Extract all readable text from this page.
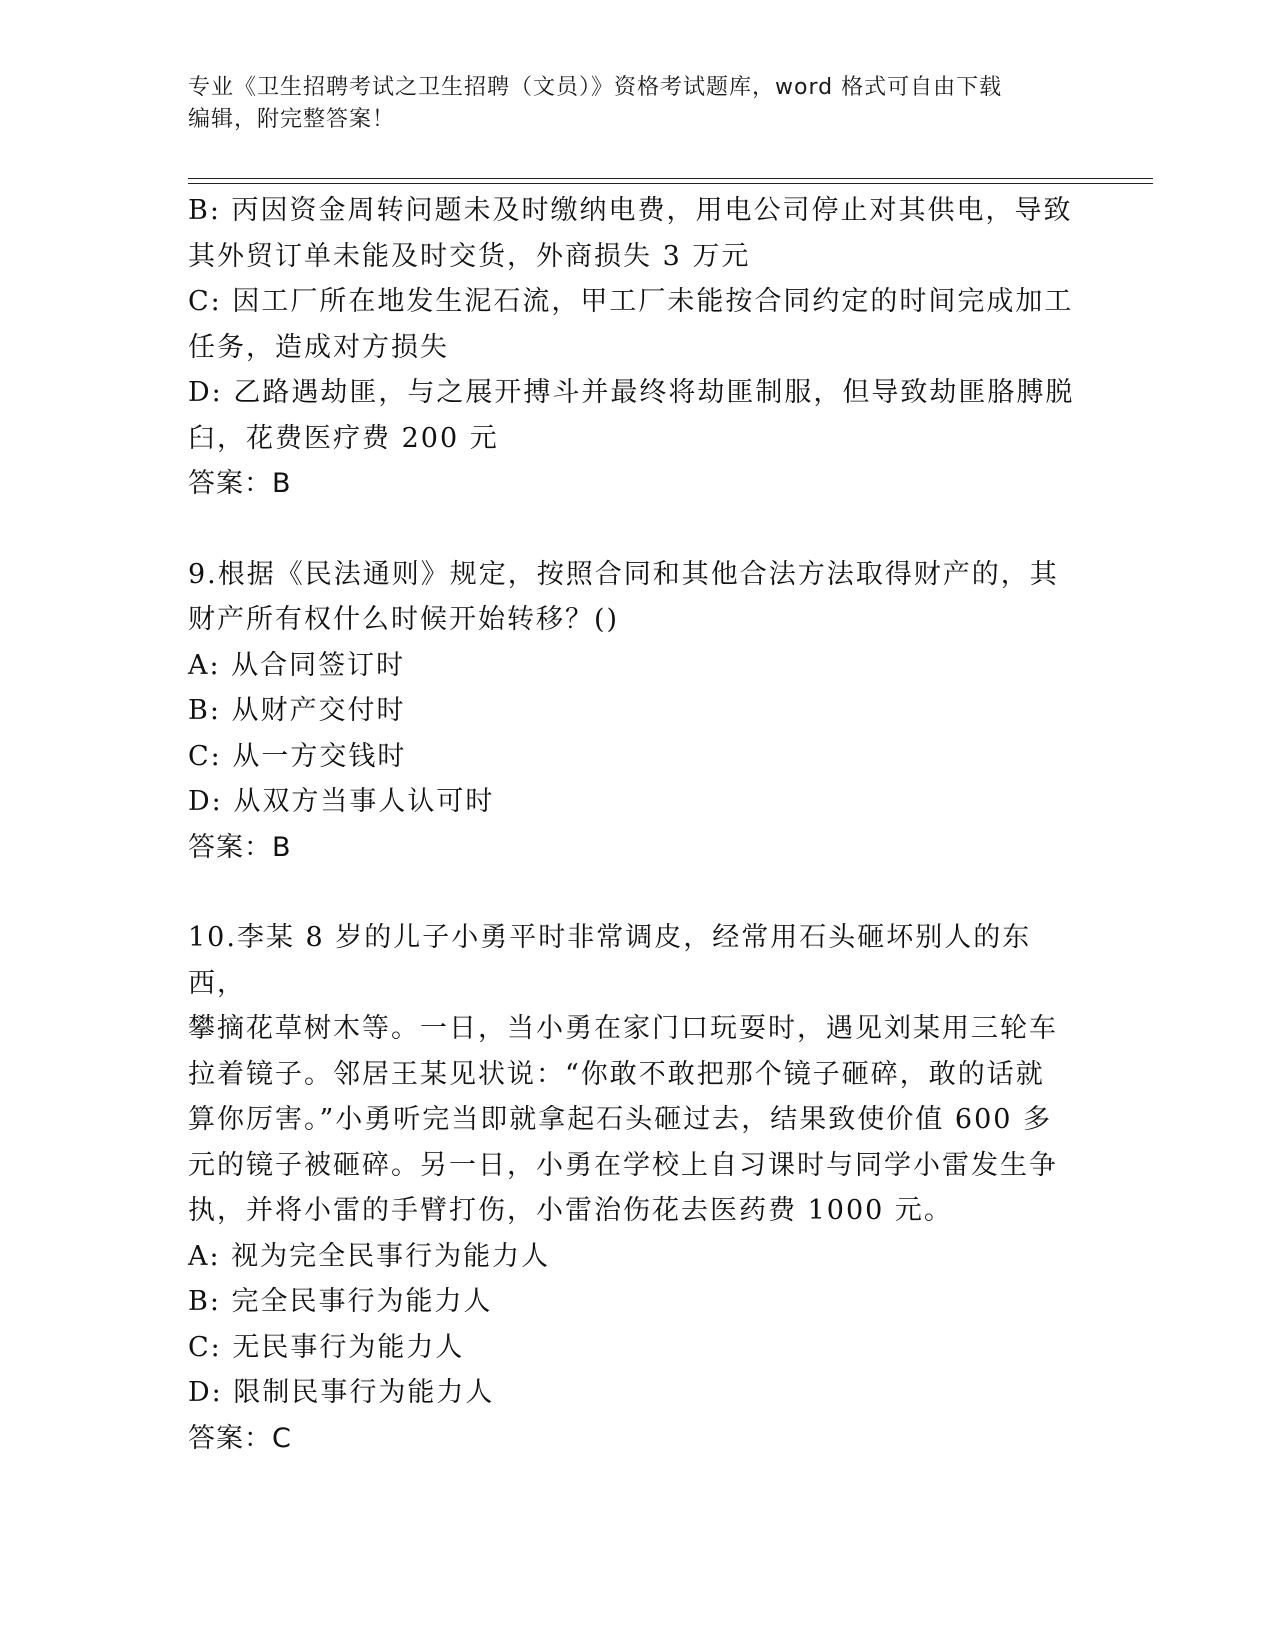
专业《卫生招聘考试之卫生招聘（文员）》资格考试题库，word 格式可自由下载
编辑，附完整答案！

B: 丙因资金周转问题未及时缴纳电费，用电公司停止对其供电，导致

其外贸订单未能及时交货，外商损失 3 万元

C: 因工厂所在地发生泥石流，甲工厂未能按合同约定的时间完成加工

任务，造成对方损失

D: 乙路遇劫匪，与之展开搏斗并最终将劫匪制服，但导致劫匪胳膊脱

臼，花费医疗费 200 元

答案：B

9.根据《民法通则》规定，按照合同和其他合法方法取得财产的，其

财产所有权什么时候开始转移？()

A: 从合同签订时

B: 从财产交付时

C: 从一方交钱时

D: 从双方当事人认可时

答案：B

10.李某 8 岁的儿子小勇平时非常调皮，经常用石头砸坏别人的东西，

攀摘花草树木等。一日，当小勇在家门口玩耍时，遇见刘某用三轮车

拉着镜子。邻居王某见状说：“你敢不敢把那个镜子砸碎，敢的话就

算你厉害。”小勇听完当即就拿起石头砸过去，结果致使价值 600 多

元的镜子被砸碎。另一日，小勇在学校上自习课时与同学小雷发生争

执，并将小雷的手臂打伤，小雷治伤花去医药费 1000 元。

A: 视为完全民事行为能力人

B: 完全民事行为能力人

C: 无民事行为能力人

D: 限制民事行为能力人

答案：C
